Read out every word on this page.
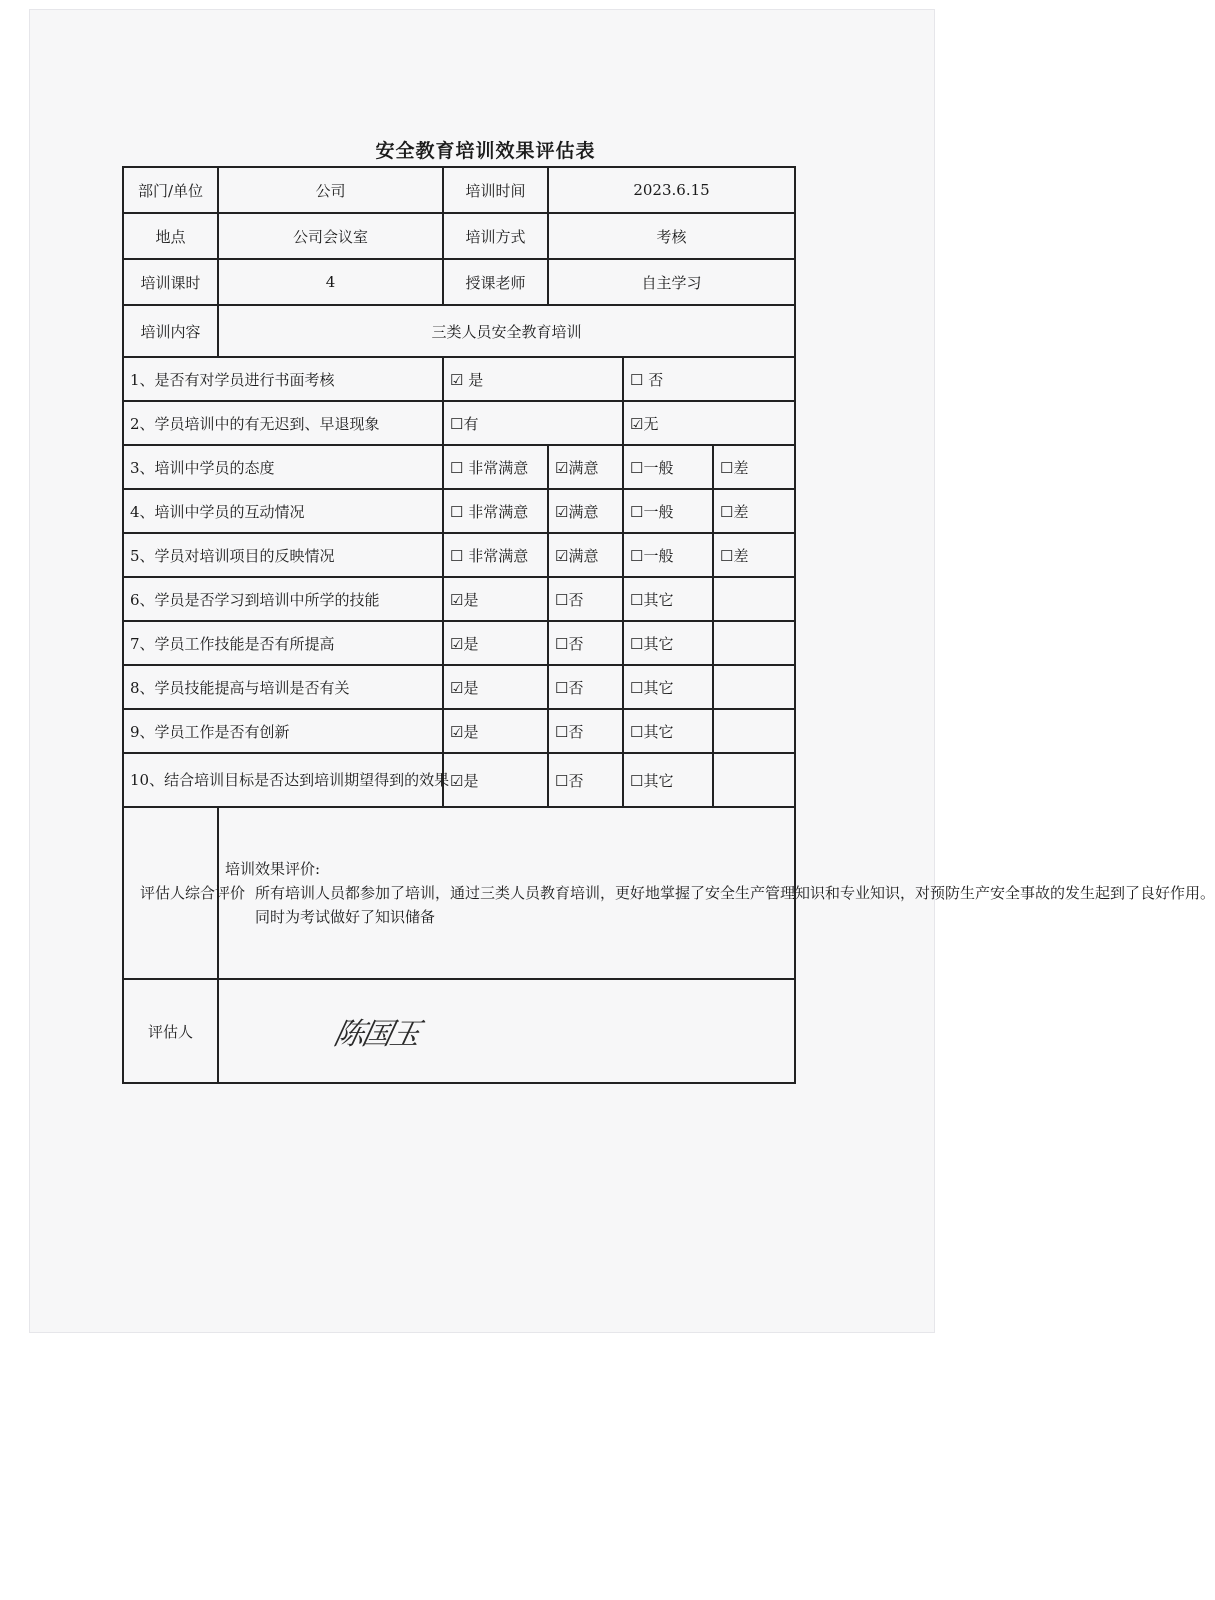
安全教育培训效果评估表
部门/单位	公司	培训时间	2023.6.15		
地点	公司会议室	培训方式	考核		
培训课时	4	授课老师	自主学习		
培训内容	三类人员安全教育培训				
1、是否有对学员进行书面考核		☑ 是		☐ 否	
2、学员培训中的有无迟到、早退现象		☐有		☑无	
3、培训中学员的态度		☐ 非常满意	☑满意	☐一般	☐差
4、培训中学员的互动情况		☐ 非常满意	☑满意	☐一般	☐差
5、学员对培训项目的反映情况		☐ 非常满意	☑满意	☐一般	☐差
6、学员是否学习到培训中所学的技能		☑是	☐否	☐其它	
7、学员工作技能是否有所提高		☑是	☐否	☐其它	
8、学员技能提高与培训是否有关		☑是	☐否	☐其它	
9、学员工作是否有创新		☑是	☐否	☐其它	
10、结合培训目标是否达到培训期望得到的效果		☑是	☐否	☐其它	
评估人综合评价	培训效果评价:
所有培训人员都参加了培训，通过三类人员教育培训，更好地掌握了安全生产管理知识和专业知识，对预防生产安全事故的发生起到了良好作用。
同时为考试做好了知识储备				

评估人	陈国玉				
